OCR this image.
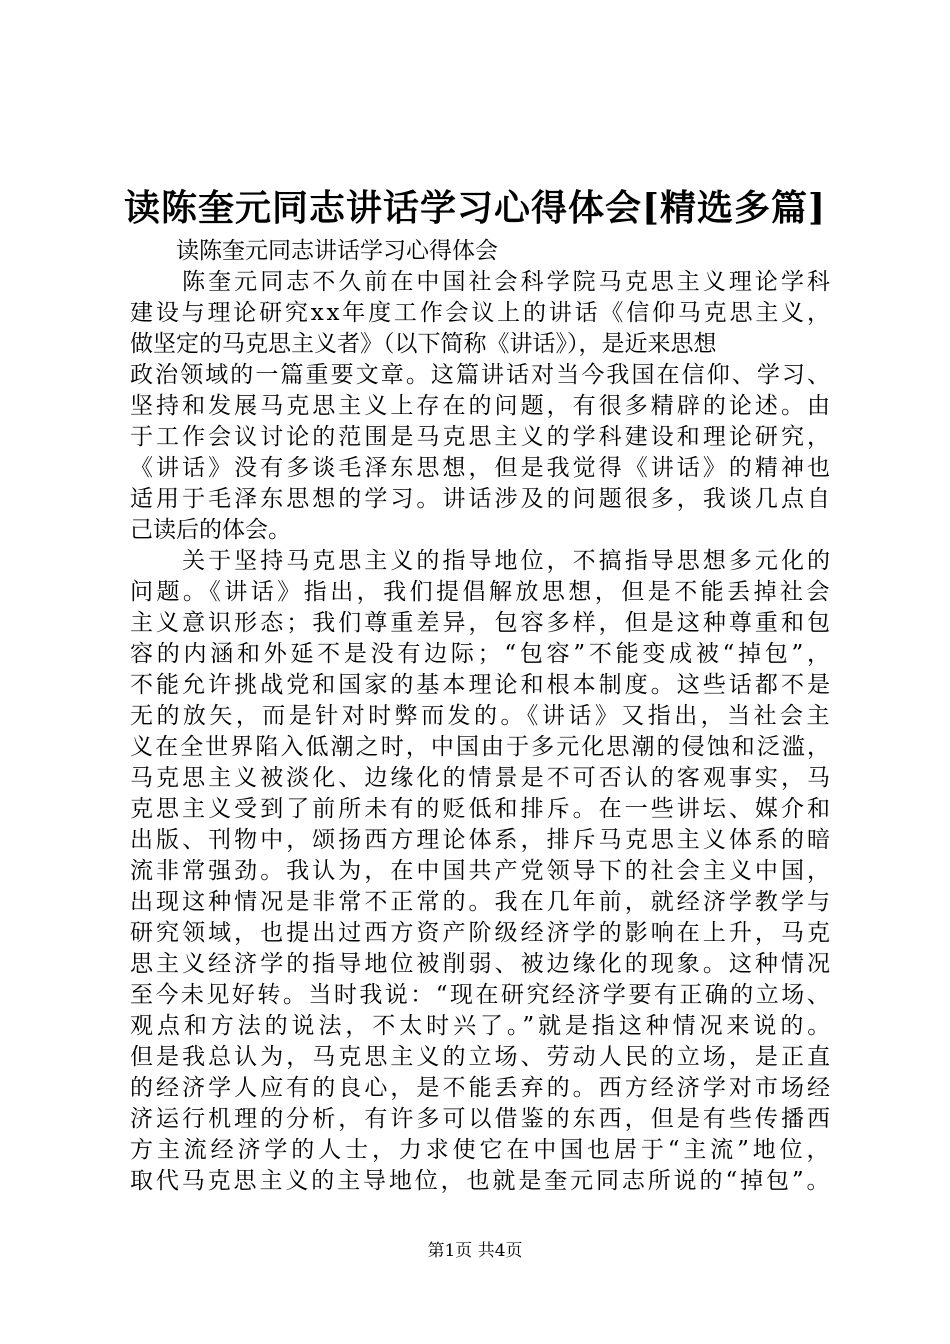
读陈奎元同志讲话学习心得体会[精选多篇]
　　读陈奎元同志讲话学习心得体会
　　陈奎元同志不久前在中国社会科学院马克思主义理论学科
建设与理论研究xx年度工作会议上的讲话《信仰马克思主义，
做坚定的马克思主义者》（以下简称《讲话》），是近来思想
政治领域的一篇重要文章。这篇讲话对当今我国在信仰、学习、
坚持和发展马克思主义上存在的问题，有很多精辟的论述。由
于工作会议讨论的范围是马克思主义的学科建设和理论研究，
《讲话》没有多谈毛泽东思想，但是我觉得《讲话》的精神也
适用于毛泽东思想的学习。讲话涉及的问题很多，我谈几点自
己读后的体会。
　　关于坚持马克思主义的指导地位，不搞指导思想多元化的
问题。《讲话》指出，我们提倡解放思想，但是不能丢掉社会
主义意识形态；我们尊重差异，包容多样，但是这种尊重和包
容的内涵和外延不是没有边际；“包容”不能变成被“掉包”，
不能允许挑战党和国家的基本理论和根本制度。这些话都不是
无的放矢，而是针对时弊而发的。《讲话》又指出，当社会主
义在全世界陷入低潮之时，中国由于多元化思潮的侵蚀和泛滥，
马克思主义被淡化、边缘化的情景是不可否认的客观事实，马
克思主义受到了前所未有的贬低和排斥。在一些讲坛、媒介和
出版、刊物中，颂扬西方理论体系，排斥马克思主义体系的暗
流非常强劲。我认为，在中国共产党领导下的社会主义中国，
出现这种情况是非常不正常的。我在几年前，就经济学教学与
研究领域，也提出过西方资产阶级经济学的影响在上升，马克
思主义经济学的指导地位被削弱、被边缘化的现象。这种情况
至今未见好转。当时我说：“现在研究经济学要有正确的立场、
观点和方法的说法，不太时兴了。”就是指这种情况来说的。
但是我总认为，马克思主义的立场、劳动人民的立场，是正直
的经济学人应有的良心，是不能丢弃的。西方经济学对市场经
济运行机理的分析，有许多可以借鉴的东西，但是有些传播西
方主流经济学的人士，力求使它在中国也居于“主流”地位，
取代马克思主义的主导地位，也就是奎元同志所说的“掉包”。
第1页 共4页
